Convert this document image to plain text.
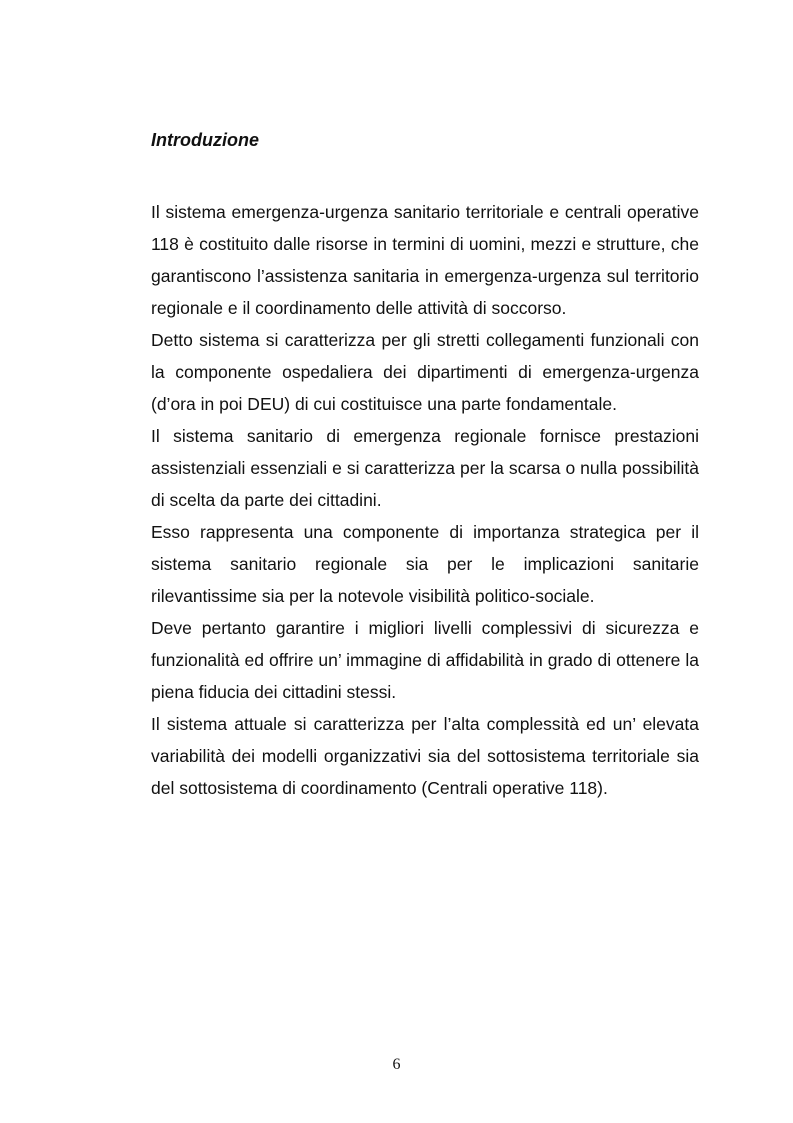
Introduzione

Il sistema emergenza-urgenza sanitario territoriale e centrali operative 118 è costituito dalle risorse in termini di uomini, mezzi e strutture, che garantiscono l’assistenza sanitaria in emergenza-urgenza sul territorio regionale e il coordinamento delle attività di soccorso.

Detto sistema si caratterizza per gli stretti collegamenti funzionali con la componente ospedaliera dei dipartimenti di emergenza-urgenza (d’ora in poi DEU) di cui costituisce una parte fondamentale.

Il sistema sanitario di emergenza regionale fornisce prestazioni assistenziali essenziali e si caratterizza per la scarsa o nulla possibilità di scelta da parte dei cittadini.

Esso rappresenta una componente di importanza strategica per il sistema sanitario regionale sia per le implicazioni sanitarie rilevantissime sia per la notevole visibilità politico-sociale.

Deve pertanto garantire i migliori livelli complessivi di sicurezza e funzionalità ed offrire un’ immagine di affidabilità in grado di ottenere la piena fiducia dei cittadini stessi.

Il sistema attuale si caratterizza per l’alta complessità ed un’ elevata variabilità dei modelli organizzativi sia del sottosistema territoriale sia del sottosistema di coordinamento (Centrali operative 118).

6
